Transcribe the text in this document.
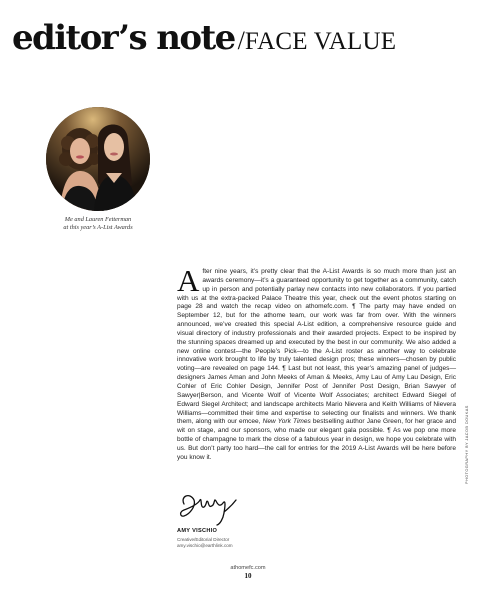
editor’s note /FACE VALUE
Me and Lauren Fetterman
at this year’s A-List Awards

After nine years, it’s pretty clear that the A-List Awards is so much more than just an awards ceremony—it’s a guaranteed opportunity to get together as a community, catch up in person and potentially parlay new contacts into new collaborators. If you partied with us at the extra-packed Palace Theatre this year, check out the event photos starting on page 28 and watch the recap video on athomefc.com. ¶ The party may have ended on September 12, but for the athome team, our work was far from over. With the winners announced, we’ve created this special A-List edition, a comprehensive resource guide and visual directory of industry professionals and their awarded projects. Expect to be inspired by the stunning spaces dreamed up and executed by the best in our community. We also added a new online contest—the People’s Pick—to the A-List roster as another way to celebrate innovative work brought to life by truly talented design pros; these winners—chosen by public voting—are revealed on page 144. ¶ Last but not least, this year’s amazing panel of judges—designers James Aman and John Meeks of Aman & Meeks, Amy Lau of Amy Lau Design, Eric Cohler of Eric Cohler Design, Jennifer Post of Jennifer Post Design, Brian Sawyer of Sawyer|Berson, and Vicente Wolf of Vicente Wolf Associates; architect Edward Siegel of Edward Siegel Architect; and landscape architects Mario Nievera and Keith Williams of Nievera Williams—committed their time and expertise to selecting our finalists and winners. We thank them, along with our emcee, New York Times bestselling author Jane Green, for her grace and wit on stage, and our sponsors, who made our elegant gala possible. ¶ As we pop one more bottle of champagne to mark the close of a fabulous year in design, we hope you celebrate with us. But don’t party too hard—the call for entries for the 2019 A-List Awards will be here before you know it.

AMY VISCHIO
Creative/Editorial Director
amy.vischio@earthlink.com
PHOTOGRAPHY BY JACOB DOUKAS
athomefc.com
10
